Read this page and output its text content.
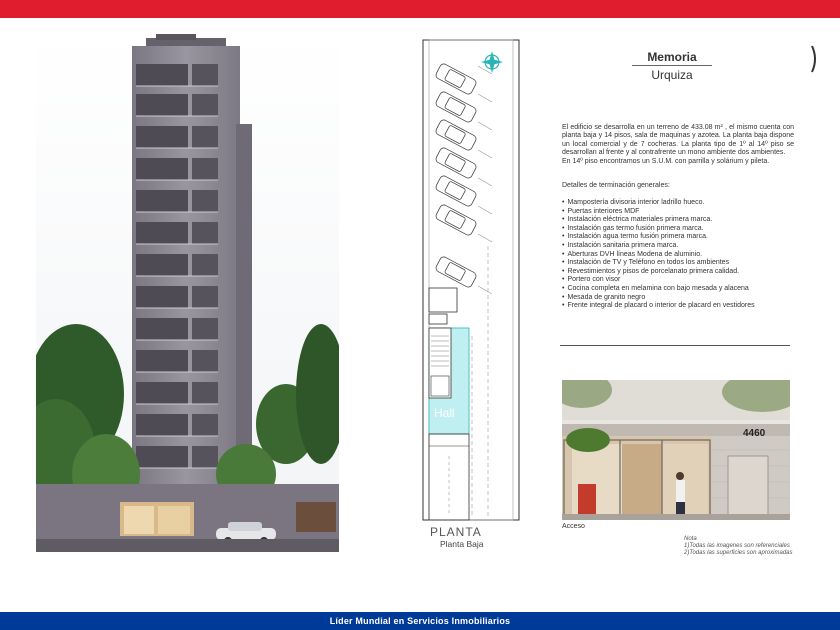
Hall
PLANTA
Planta Baja
Memoria
Urquiza

El edificio se desarrolla en un terreno de 433.08 m² , el mismo cuenta con planta baja y 14 pisos, sala de maquinas y azotea. La planta baja dispone un local comercial y de 7 cocheras. La planta tipo de 1º al 14º piso se desarrollan al frente y al contrafrente un mono ambiente dos ambientes.

En 14º piso encontramos un S.U.M. con parrilla y solárium y pileta.

Detalles de terminación generales:
• Mampostería divisoria interior ladrillo hueco.
• Puertas interiores MDF
• Instalación eléctrica materiales primera marca.
• Instalación gas termo fusión primera marca.
• Instalación agua termo fusión primera marca.
• Instalación sanitaria primera marca.
• Aberturas DVH líneas Modena de aluminio.
• Instalación de TV y Teléfono en todos los ambientes
• Revestimientos y pisos de porcelanato primera calidad.
• Portero con visor
• Cocina completa en melamina con bajo mesada y alacena
• Mesada de granito negro
• Frente integral de placard o interior de placard en vestidores
4460
Acceso
Nota
1)Todas las imagenes son referenciales
2)Todas las superficies son aproximadas
Líder Mundial en Servicios Inmobiliarios
